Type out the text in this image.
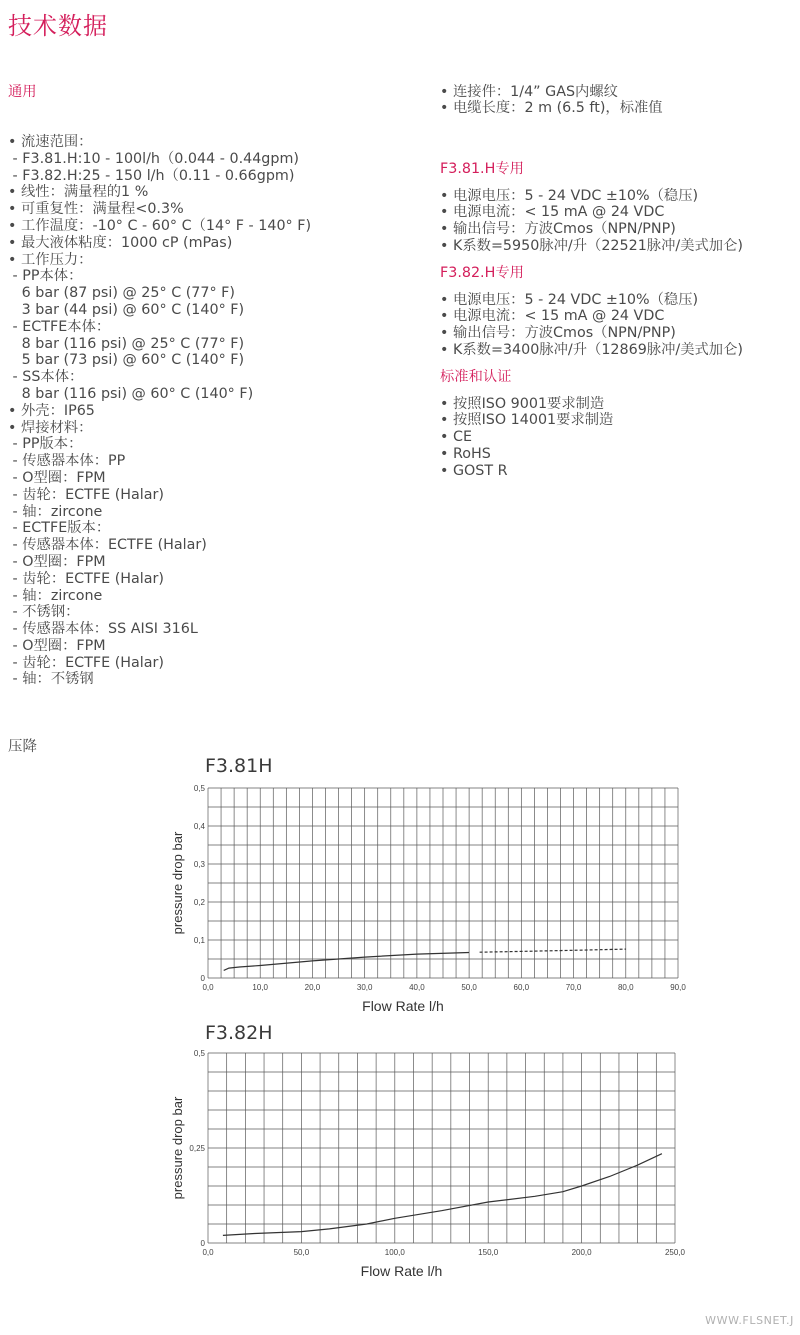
技术数据

通用

• 流速范围：
- F3.81.H:10 - 100l/h（0.044 - 0.44gpm)
- F3.82.H:25 - 150 l/h（0.11 - 0.66gpm)
• 线性：满量程的1 %
• 可重复性：满量程<0.3%
• 工作温度：-10° C - 60° C（14° F - 140° F)
• 最大液体粘度：1000 cP (mPas)
• 工作压力：
- PP本体：
6 bar (87 psi) @ 25° C (77° F)
3 bar (44 psi) @ 60° C (140° F)
- ECTFE本体：
8 bar (116 psi) @ 25° C (77° F)
5 bar (73 psi) @ 60° C (140° F)
- SS本体：
8 bar (116 psi) @ 60° C (140° F)
• 外壳：IP65
• 焊接材料：
- PP版本：
- 传感器本体：PP
- O型圈：FPM
- 齿轮：ECTFE (Halar)
- 轴：zircone
- ECTFE版本：
- 传感器本体：ECTFE (Halar)
- O型圈：FPM
- 齿轮：ECTFE (Halar)
- 轴：zircone
- 不锈钢：
- 传感器本体：SS AISI 316L
- O型圈：FPM
- 齿轮：ECTFE (Halar)
- 轴：不锈钢

• 连接件：1/4” GAS内螺纹
• 电缆长度：2 m (6.5 ft)，标准值

F3.81.H专用
• 电源电压：5 - 24 VDC ±10%（稳压)
• 电源电流：< 15 mA @ 24 VDC
• 输出信号：方波Cmos（NPN/PNP)
• K系数=5950脉冲/升（22521脉冲/美式加仑)
F3.82.H专用
• 电源电压：5 - 24 VDC ±10%（稳压)
• 电源电流：< 15 mA @ 24 VDC
• 输出信号：方波Cmos（NPN/PNP)
• K系数=3400脉冲/升（12869脉冲/美式加仑)
标准和认证
• 按照ISO 9001要求制造
• 按照ISO 14001要求制造
• CE
• RoHS
• GOST R

压降
F3.81H
0,0	10,0	20,0	30,0	40,0	50,0	60,0	70,0	80,0	90,0
0
0,1
0,2
0,3
0,4
0,5
Flow Rate l/h
pressure drop bar
F3.82H
0,0	50,0	100,0	150,0	200,0	250,0
0
0,25
0,5
Flow Rate l/h
pressure drop bar
WWW.FLSNET.J
